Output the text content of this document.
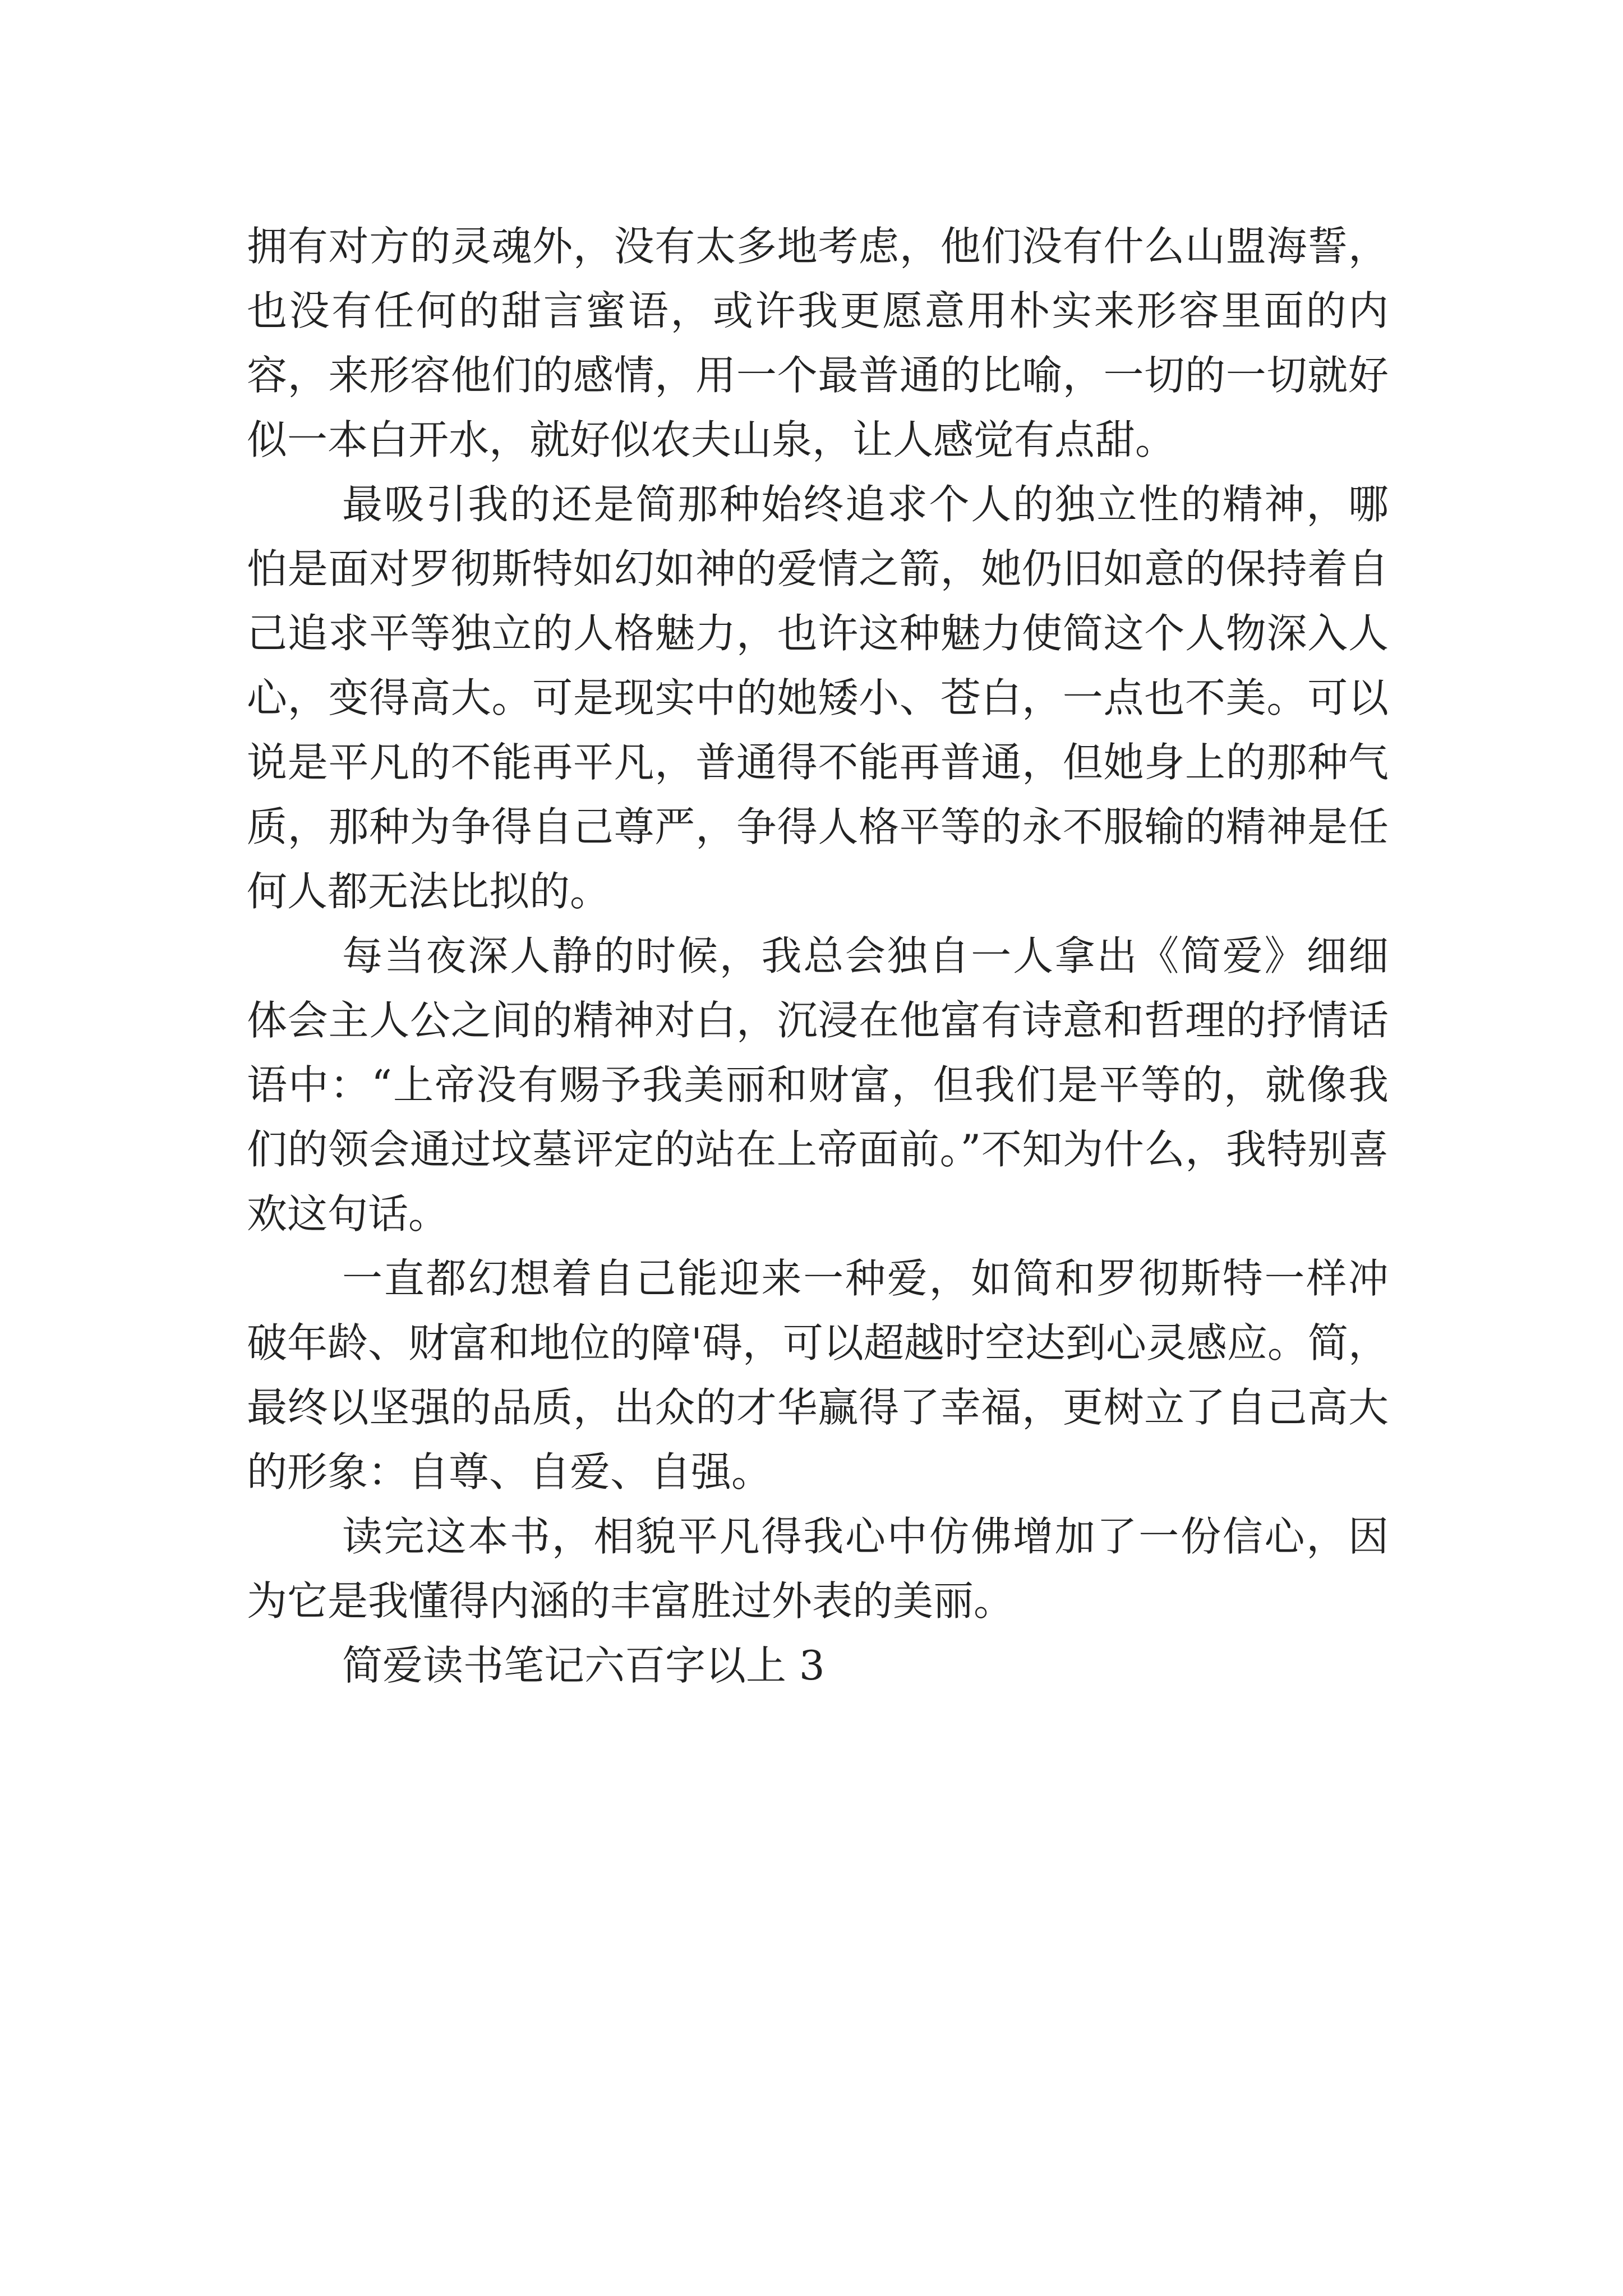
拥有对方的灵魂外，没有太多地考虑，他们没有什么山盟海誓，也没有任何的甜言蜜语，或许我更愿意用朴实来形容里面的内容，来形容他们的感情，用一个最普通的比喻，一切的一切就好似一本白开水，就好似农夫山泉，让人感觉有点甜。

最吸引我的还是简那种始终追求个人的独立性的精神，哪怕是面对罗彻斯特如幻如神的爱情之箭，她仍旧如意的保持着自己追求平等独立的人格魅力，也许这种魅力使简这个人物深入人心，变得高大。可是现实中的她矮小、苍白，一点也不美。可以说是平凡的不能再平凡，普通得不能再普通，但她身上的那种气质，那种为争得自己尊严，争得人格平等的永不服输的精神是任何人都无法比拟的。

每当夜深人静的时候，我总会独自一人拿出《简爱》细细体会主人公之间的精神对白，沉浸在他富有诗意和哲理的抒情话语中：“上帝没有赐予我美丽和财富，但我们是平等的，就像我们的领会通过坟墓评定的站在上帝面前。”不知为什么，我特别喜欢这句话。

一直都幻想着自己能迎来一种爱，如简和罗彻斯特一样冲破年龄、财富和地位的障'碍，可以超越时空达到心灵感应。简，最终以坚强的品质，出众的才华赢得了幸福，更树立了自己高大的形象：自尊、自爱、自强。

读完这本书，相貌平凡得我心中仿佛增加了一份信心，因为它是我懂得内涵的丰富胜过外表的美丽。

简爱读书笔记六百字以上 3
